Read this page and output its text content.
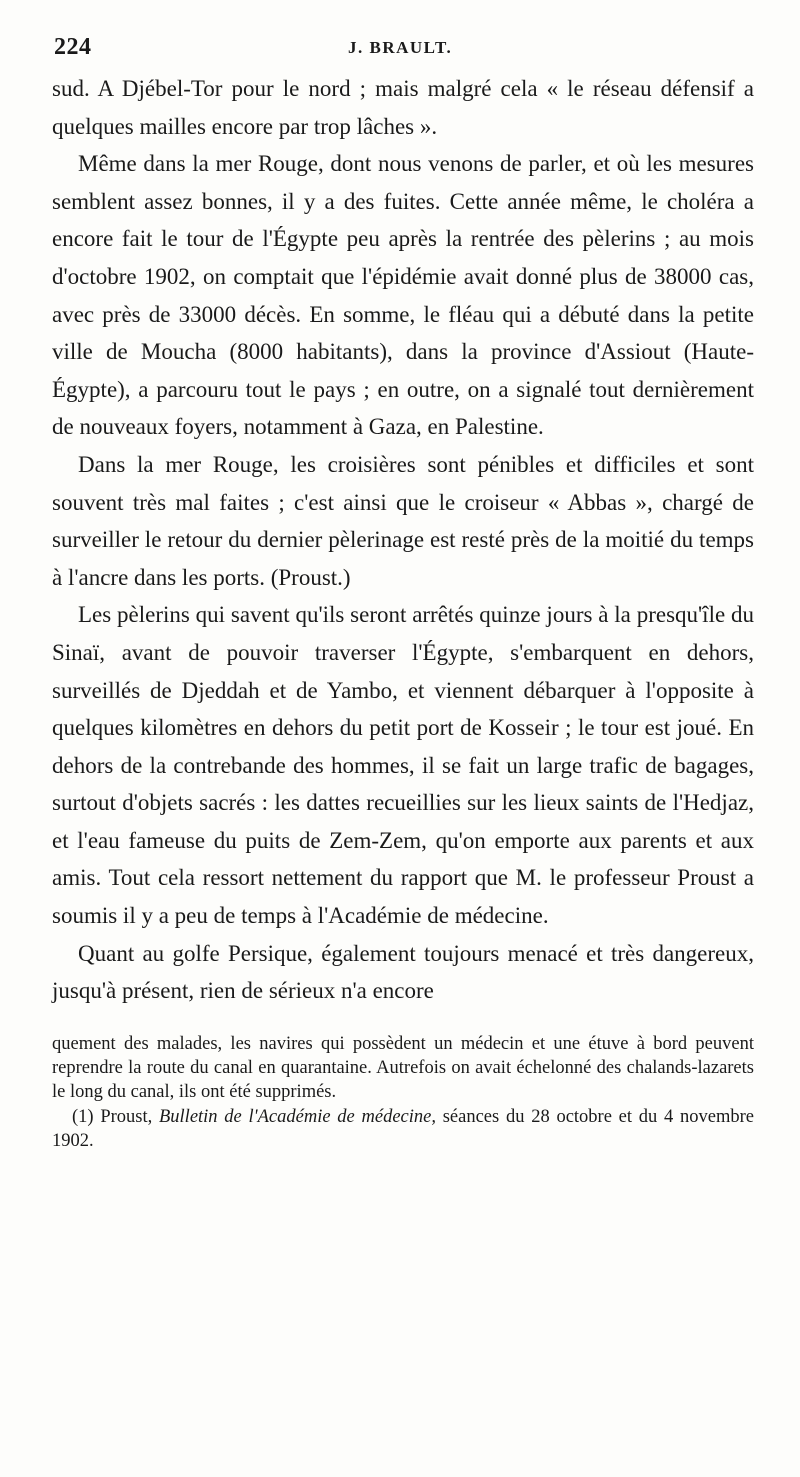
224	J. BRAULT.

sud. A Djébel-Tor pour le nord ; mais malgré cela « le réseau défensif a quelques mailles encore par trop lâches ».

Même dans la mer Rouge, dont nous venons de parler, et où les mesures semblent assez bonnes, il y a des fuites. Cette année même, le choléra a encore fait le tour de l'Égypte peu après la rentrée des pèlerins ; au mois d'octobre 1902, on comptait que l'épidémie avait donné plus de 38000 cas, avec près de 33000 décès. En somme, le fléau qui a débuté dans la petite ville de Moucha (8000 habitants), dans la province d'Assiout (Haute-Égypte), a parcouru tout le pays ; en outre, on a signalé tout dernièrement de nouveaux foyers, notamment à Gaza, en Palestine.

Dans la mer Rouge, les croisières sont pénibles et difficiles et sont souvent très mal faites ; c'est ainsi que le croiseur « Abbas », chargé de surveiller le retour du dernier pèlerinage est resté près de la moitié du temps à l'ancre dans les ports. (Proust.)

Les pèlerins qui savent qu'ils seront arrêtés quinze jours à la presqu'île du Sinaï, avant de pouvoir traverser l'Égypte, s'embarquent en dehors, surveillés de Djeddah et de Yambo, et viennent débarquer à l'opposite à quelques kilomètres en dehors du petit port de Kosseir ; le tour est joué. En dehors de la contrebande des hommes, il se fait un large trafic de bagages, surtout d'objets sacrés : les dattes recueillies sur les lieux saints de l'Hedjaz, et l'eau fameuse du puits de Zem-Zem, qu'on emporte aux parents et aux amis. Tout cela ressort nettement du rapport que M. le professeur Proust a soumis il y a peu de temps à l'Académie de médecine.

Quant au golfe Persique, également toujours menacé et très dangereux, jusqu'à présent, rien de sérieux n'a encore

quement des malades, les navires qui possèdent un médecin et une étuve à bord peuvent reprendre la route du canal en quarantaine. Autrefois on avait échelonné des chalands-lazarets le long du canal, ils ont été supprimés.

(1) Proust, Bulletin de l'Académie de médecine, séances du 28 octobre et du 4 novembre 1902.
